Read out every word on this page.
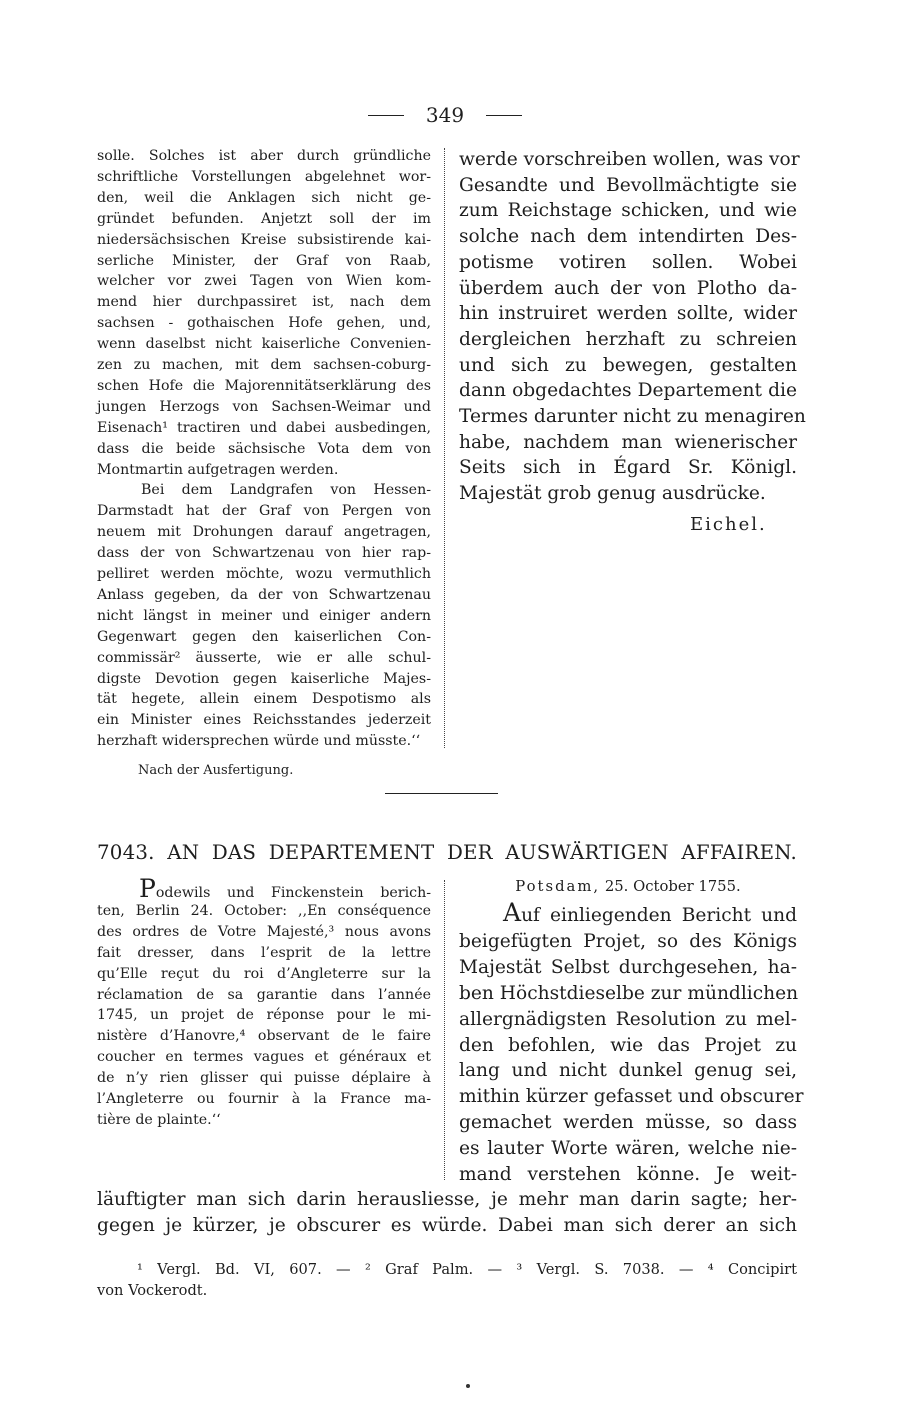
349
solle. Solches ist aber durch gründliche
schriftliche Vorstellungen abgelehnet wor-
den, weil die Anklagen sich nicht ge-
gründet befunden. Anjetzt soll der im
niedersächsischen Kreise subsistirende kai-
serliche Minister, der Graf von Raab,
welcher vor zwei Tagen von Wien kom-
mend hier durchpassiret ist, nach dem
sachsen - gothaischen Hofe gehen, und,
wenn daselbst nicht kaiserliche Convenien-
zen zu machen, mit dem sachsen-coburg-
schen Hofe die Majorennitätserklärung des
jungen Herzogs von Sachsen-Weimar und
Eisenach¹ tractiren und dabei ausbedingen,
dass die beide sächsische Vota dem von
Montmartin aufgetragen werden.
Bei dem Landgrafen von Hessen-
Darmstadt hat der Graf von Pergen von
neuem mit Drohungen darauf angetragen,
dass der von Schwartzenau von hier rap-
pelliret werden möchte, wozu vermuthlich
Anlass gegeben, da der von Schwartzenau
nicht längst in meiner und einiger andern
Gegenwart gegen den kaiserlichen Con-
commissär² äusserte, wie er alle schul-
digste Devotion gegen kaiserliche Majes-
tät hegete, allein einem Despotismo als
ein Minister eines Reichsstandes jederzeit
herzhaft widersprechen würde und müsste.‘‘
werde vorschreiben wollen, was vor
Gesandte und Bevollmächtigte sie
zum Reichstage schicken, und wie
solche nach dem intendirten Des-
potisme votiren sollen. Wobei
überdem auch der von Plotho da-
hin instruiret werden sollte, wider
dergleichen herzhaft zu schreien
und sich zu bewegen, gestalten
dann obgedachtes Departement die
Termes darunter nicht zu menagiren
habe, nachdem man wienerischer
Seits sich in Égard Sr. Königl.
Majestät grob genug ausdrücke.
Eichel.
Nach der Ausfertigung.
7043. AN DAS DEPARTEMENT DER AUSWÄRTIGEN AFFAIREN.
Potsdam, 25. October 1755.
Podewils und Finckenstein berich-
ten, Berlin 24. October: ,,En conséquence
des ordres de Votre Majesté,³ nous avons
fait dresser, dans l’esprit de la lettre
qu’Elle reçut du roi d’Angleterre sur la
réclamation de sa garantie dans l’année
1745, un projet de réponse pour le mi-
nistère d’Hanovre,⁴ observant de le faire
coucher en termes vagues et généraux et
de n’y rien glisser qui puisse déplaire à
l’Angleterre ou fournir à la France ma-
tière de plainte.‘‘
Auf einliegenden Bericht und
beigefügten Projet, so des Königs
Majestät Selbst durchgesehen, ha-
ben Höchstdieselbe zur mündlichen
allergnädigsten Resolution zu mel-
den befohlen, wie das Projet zu
lang und nicht dunkel genug sei,
mithin kürzer gefasset und obscurer
gemachet werden müsse, so dass
es lauter Worte wären, welche nie-
mand verstehen könne. Je weit-
läuftigter man sich darin herausliesse, je mehr man darin sagte; her-
gegen je kürzer, je obscurer es würde. Dabei man sich derer an sich
¹ Vergl. Bd. VI, 607. — ² Graf Palm. — ³ Vergl. S. 7038. — ⁴ Concipirt
von Vockerodt.
